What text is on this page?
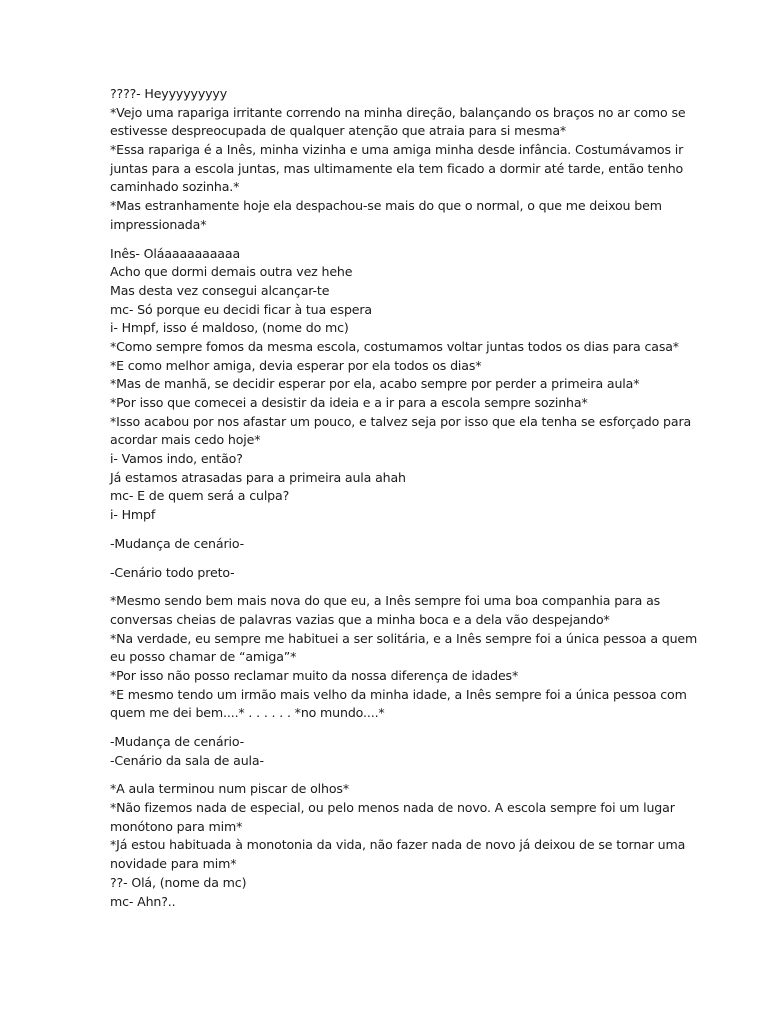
????- Heyyyyyyyyy
*Vejo uma rapariga irritante correndo na minha direção, balançando os braços no ar como se
estivesse despreocupada de qualquer atenção que atraia para si mesma*
*Essa rapariga é a Inês, minha vizinha e uma amiga minha desde infância. Costumávamos ir
juntas para a escola juntas, mas ultimamente ela tem ficado a dormir até tarde, então tenho
caminhado sozinha.*
*Mas estranhamente hoje ela despachou-se mais do que o normal, o que me deixou bem
impressionada*
Inês- Oláaaaaaaaaaa
Acho que dormi demais outra vez hehe
Mas desta vez consegui alcançar-te
mc- Só porque eu decidi ficar à tua espera
i- Hmpf, isso é maldoso, (nome do mc)
*Como sempre fomos da mesma escola, costumamos voltar juntas todos os dias para casa*
*E como melhor amiga, devia esperar por ela todos os dias*
*Mas de manhã, se decidir esperar por ela, acabo sempre por perder a primeira aula*
*Por isso que comecei a desistir da ideia e a ir para a escola sempre sozinha*
*Isso acabou por nos afastar um pouco, e talvez seja por isso que ela tenha se esforçado para
acordar mais cedo hoje*
i- Vamos indo, então?
Já estamos atrasadas para a primeira aula ahah
mc- E de quem será a culpa?
i- Hmpf
-Mudança de cenário-
-Cenário todo preto-
*Mesmo sendo bem mais nova do que eu, a Inês sempre foi uma boa companhia para as
conversas cheias de palavras vazias que a minha boca e a dela vão despejando*
*Na verdade, eu sempre me habituei a ser solitária, e a Inês sempre foi a única pessoa a quem
eu posso chamar de “amiga”*
*Por isso não posso reclamar muito da nossa diferença de idades*
*E mesmo tendo um irmão mais velho da minha idade, a Inês sempre foi a única pessoa com
quem me dei bem....* . . . . . . *no mundo....*
-Mudança de cenário-
-Cenário da sala de aula-
*A aula terminou num piscar de olhos*
*Não fizemos nada de especial, ou pelo menos nada de novo. A escola sempre foi um lugar
monótono para mim*
*Já estou habituada à monotonia da vida, não fazer nada de novo já deixou de se tornar uma
novidade para mim*
??- Olá, (nome da mc)
mc- Ahn?..
